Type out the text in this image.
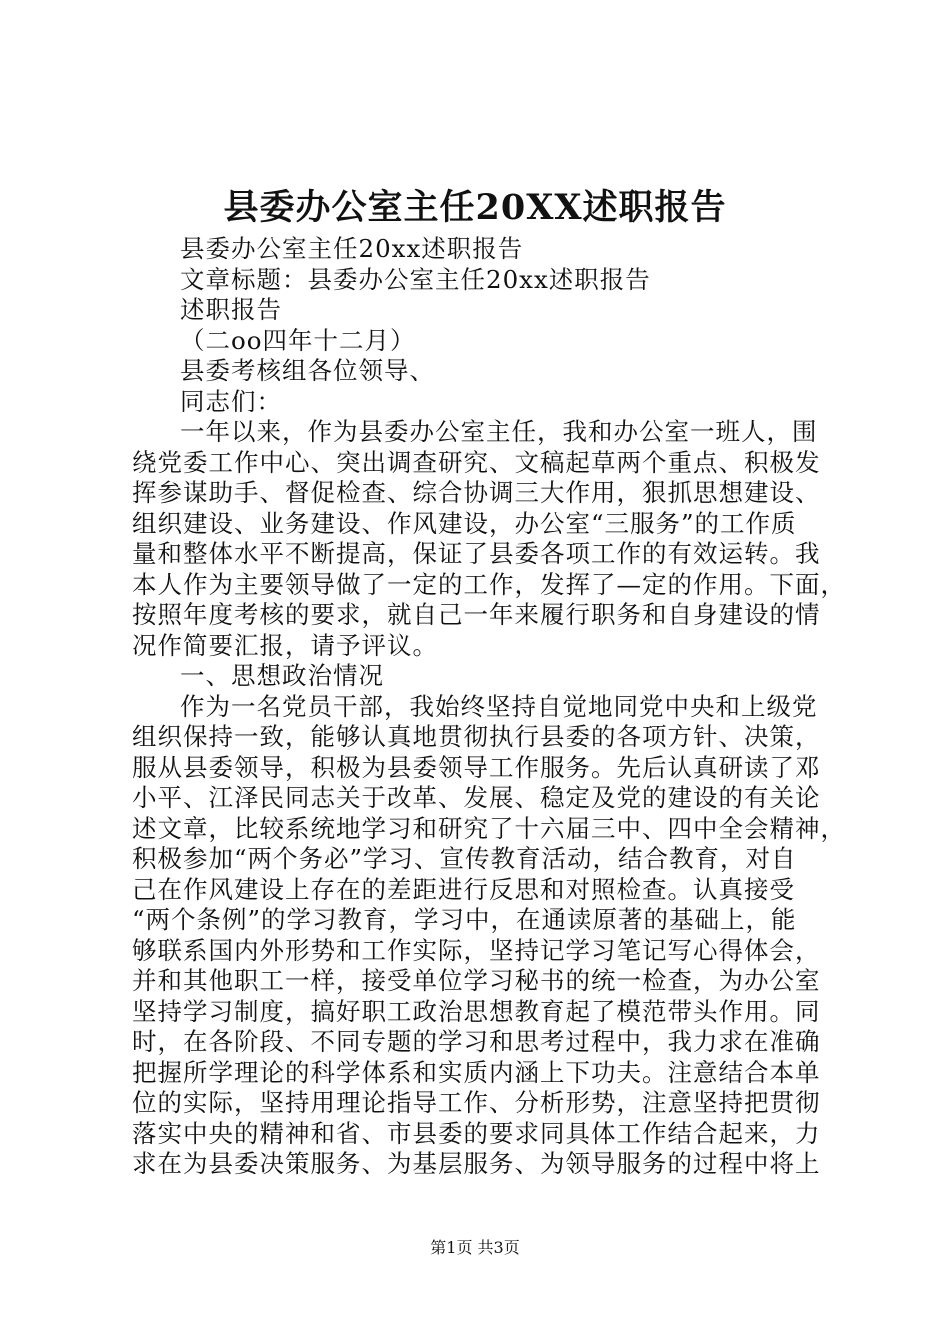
县委办公室主任20XX述职报告
县委办公室主任20xx述职报告
文章标题：县委办公室主任20xx述职报告
述职报告
（二oo四年十二月）
县委考核组各位领导、
同志们：
一年以来，作为县委办公室主任，我和办公室一班人，围
绕党委工作中心、突出调查研究、文稿起草两个重点、积极发
挥参谋助手、督促检查、综合协调三大作用，狠抓思想建设、
组织建设、业务建设、作风建设，办公室“三服务”的工作质
量和整体水平不断提高，保证了县委各项工作的有效运转。我
本人作为主要领导做了一定的工作，发挥了—定的作用。下面，
按照年度考核的要求，就自己一年来履行职务和自身建设的情
况作简要汇报，请予评议。
一、思想政治情况
作为一名党员干部，我始终坚持自觉地同党中央和上级党
组织保持一致，能够认真地贯彻执行县委的各项方针、决策，
服从县委领导，积极为县委领导工作服务。先后认真研读了邓
小平、江泽民同志关于改革、发展、稳定及党的建设的有关论
述文章，比较系统地学习和研究了十六届三中、四中全会精神，
积极参加“两个务必”学习、宣传教育活动，结合教育，对自
己在作风建设上存在的差距进行反思和对照检查。认真接受
“两个条例”的学习教育，学习中，在通读原著的基础上，能
够联系国内外形势和工作实际，坚持记学习笔记写心得体会，
并和其他职工一样，接受单位学习秘书的统一检查，为办公室
坚持学习制度，搞好职工政治思想教育起了模范带头作用。同
时，在各阶段、不同专题的学习和思考过程中，我力求在准确
把握所学理论的科学体系和实质内涵上下功夫。注意结合本单
位的实际，坚持用理论指导工作、分析形势，注意坚持把贯彻
落实中央的精神和省、市县委的要求同具体工作结合起来，力
求在为县委决策服务、为基层服务、为领导服务的过程中将上
第1页 共3页
